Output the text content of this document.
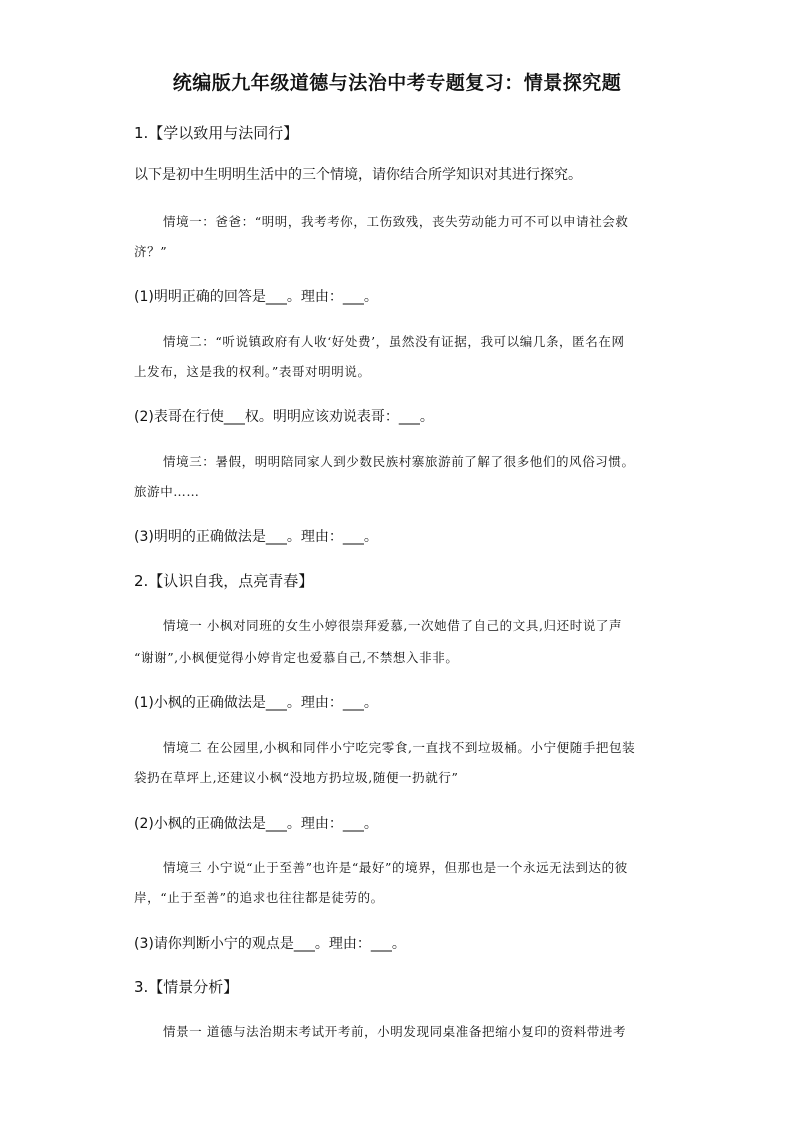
统编版九年级道德与法治中考专题复习：情景探究题
1.【学以致用与法同行】
以下是初中生明明生活中的三个情境，请你结合所学知识对其进行探究。
情境一：爸爸：“明明，我考考你，工伤致残，丧失劳动能力可不可以申请社会救
济？”
(1)明明正确的回答是___。理由：___。
情境二：“听说镇政府有人收‘好处费’，虽然没有证据，我可以编几条，匿名在网
上发布，这是我的权利。”表哥对明明说。
(2)表哥在行使___权。明明应该劝说表哥：___。
情境三：暑假，明明陪同家人到少数民族村寨旅游前了解了很多他们的风俗习惯。
旅游中……
(3)明明的正确做法是___。理由：___。
2.【认识自我，点亮青春】
情境一 小枫对同班的女生小婷很崇拜爱慕,一次她借了自己的文具,归还时说了声
“谢谢”,小枫便觉得小婷肯定也爱慕自己,不禁想入非非。
(1)小枫的正确做法是___。理由：___。
情境二 在公园里,小枫和同伴小宁吃完零食,一直找不到垃圾桶。小宁便随手把包装
袋扔在草坪上,还建议小枫“没地方扔垃圾,随便一扔就行”
(2)小枫的正确做法是___。理由：___。
情境三 小宁说“止于至善”也许是“最好”的境界，但那也是一个永远无法到达的彼
岸，“止于至善”的追求也往往都是徒劳的。
(3)请你判断小宁的观点是___。理由：___。
3.【情景分析】
情景一 道德与法治期末考试开考前，小明发现同桌准备把缩小复印的资料带进考
